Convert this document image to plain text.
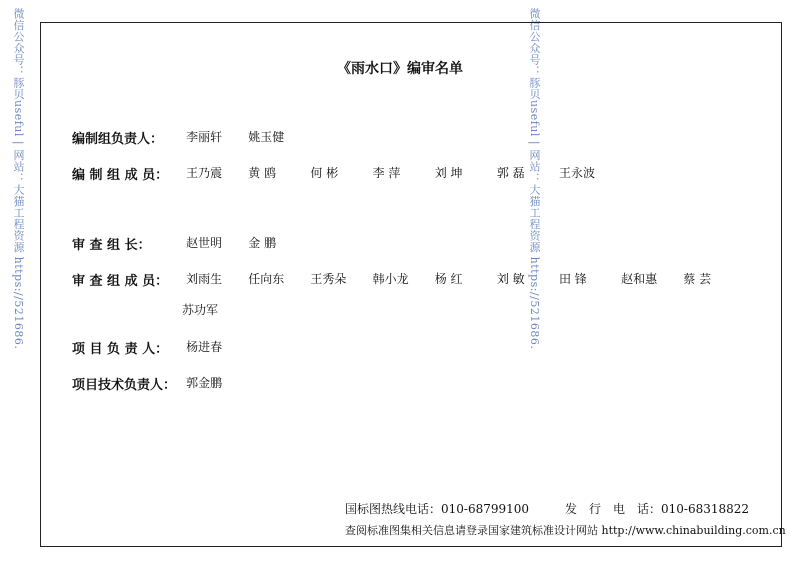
微信公众号：豚贝useful | 网站：大猫工程资源 https://521686.	微信公众号：豚贝useful | 网站：大猫工程资源 https://521686.
《雨水口》编审名单
编制组负责人： 李丽轩 姚玉健
编 制 组 成 员： 王乃震 黄 鸥	何 彬	李 萍	刘 坤	郭 磊	王永波
审 查 组 长：	赵世明 金 鹏
审 查 组 成 员： 刘雨生 任向东 王秀朵 韩小龙 杨 红	刘 敏	田 锋	赵和惠 蔡 芸
苏功军
项 目 负 责 人： 杨进春
项目技术负责人： 郭金鹏
国标图热线电话：010-68799100	发　行　电　话：010-68318822
查阅标准图集相关信息请登录国家建筑标准设计网站 http://www.chinabuilding.com.cn
